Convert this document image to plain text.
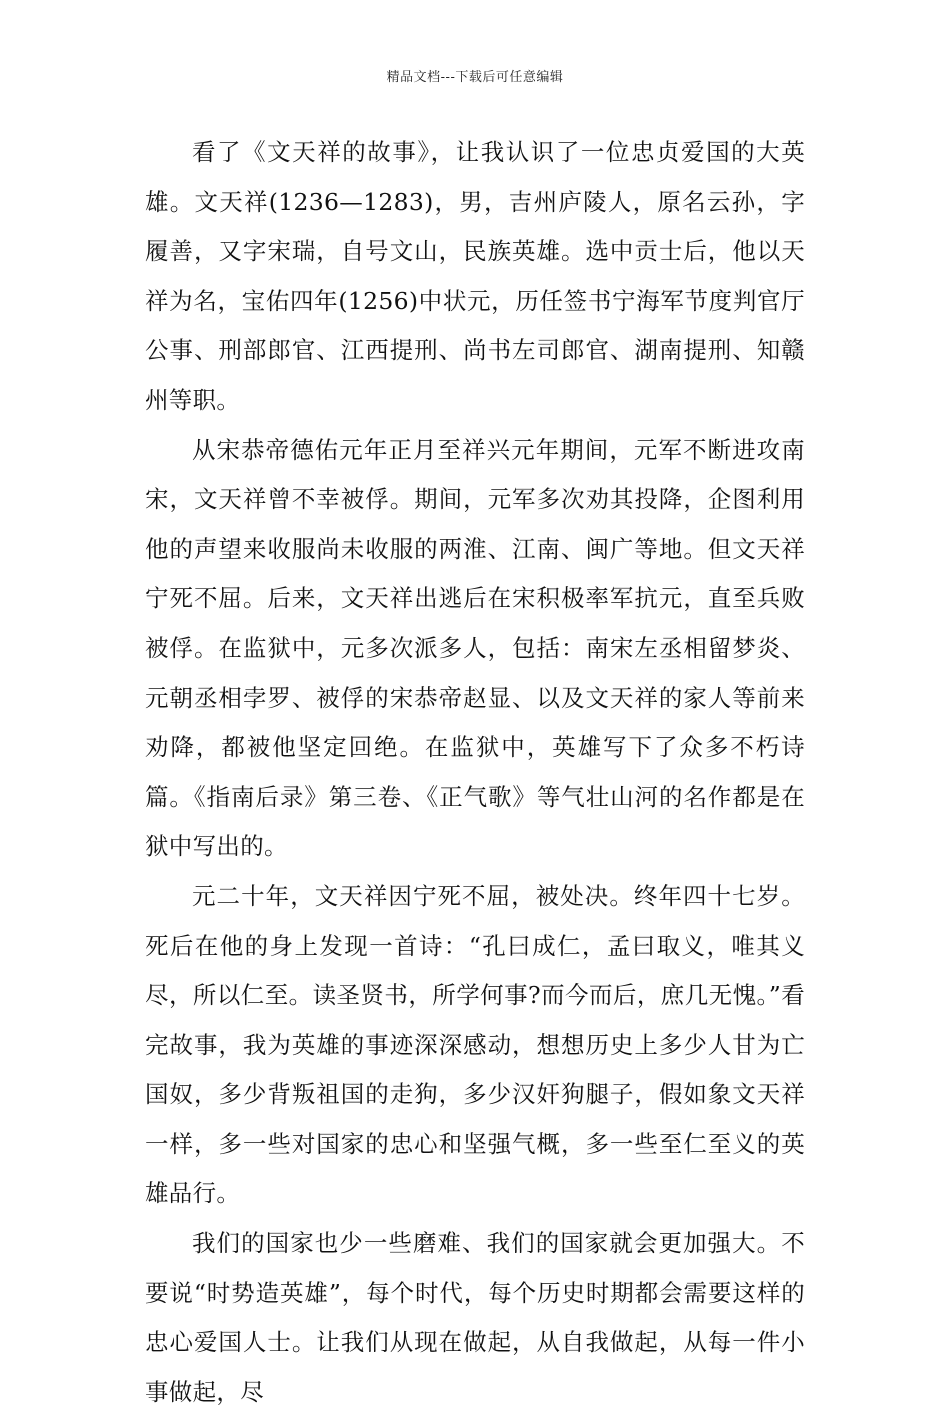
精品文档---下载后可任意编辑

看了《文天祥的故事》，让我认识了一位忠贞爱国的大英雄。文天祥(1236—1283)，男，吉州庐陵人，原名云孙，字履善，又字宋瑞，自号文山，民族英雄。选中贡士后，他以天祥为名，宝佑四年(1256)中状元，历任签书宁海军节度判官厅公事、刑部郎官、江西提刑、尚书左司郎官、湖南提刑、知赣州等职。

从宋恭帝德佑元年正月至祥兴元年期间，元军不断进攻南宋，文天祥曾不幸被俘。期间，元军多次劝其投降，企图利用他的声望来收服尚未收服的两淮、江南、闽广等地。但文天祥宁死不屈。后来，文天祥出逃后在宋积极率军抗元，直至兵败被俘。在监狱中，元多次派多人，包括：南宋左丞相留梦炎、元朝丞相孛罗、被俘的宋恭帝赵显、以及文天祥的家人等前来劝降，都被他坚定回绝。在监狱中，英雄写下了众多不朽诗篇。《指南后录》第三卷、《正气歌》等气壮山河的名作都是在狱中写出的。

元二十年，文天祥因宁死不屈，被处决。终年四十七岁。死后在他的身上发现一首诗：“孔曰成仁，孟曰取义，唯其义尽，所以仁至。读圣贤书，所学何事?而今而后，庶几无愧。”看完故事，我为英雄的事迹深深感动，想想历史上多少人甘为亡国奴，多少背叛祖国的走狗，多少汉奸狗腿子，假如象文天祥一样，多一些对国家的忠心和坚强气概，多一些至仁至义的英雄品行。

我们的国家也少一些磨难、我们的国家就会更加强大。不要说“时势造英雄”，每个时代，每个历史时期都会需要这样的忠心爱国人士。让我们从现在做起，从自我做起，从每一件小事做起，尽
